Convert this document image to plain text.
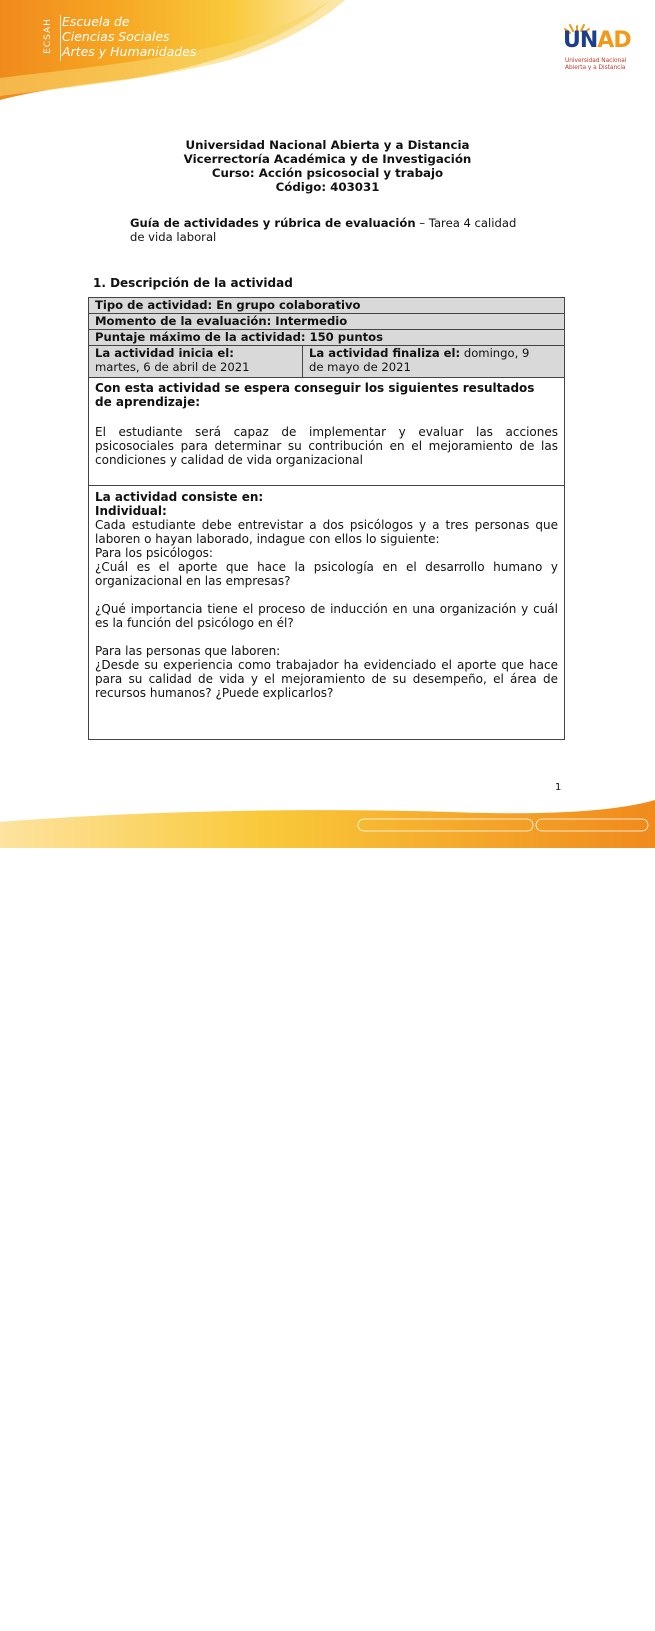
ECSAH Escuela de
Ciencias Sociales
Artes y Humanidades	UNAD
Universidad Nacional
Abierta y a Distancia
Universidad Nacional Abierta y a Distancia
Vicerrectoría Académica y de Investigación
Curso: Acción psicosocial y trabajo
Código: 403031
Guía de actividades y rúbrica de evaluación – Tarea 4 calidad
de vida laboral
1. Descripción de la actividad
Tipo de actividad: En grupo colaborativo
Momento de la evaluación: Intermedio
Puntaje máximo de la actividad: 150 puntos
La actividad inicia el:
martes, 6 de abril de 2021
La actividad finaliza el: domingo, 9
de mayo de 2021
Con esta actividad se espera conseguir los siguientes resultados
de aprendizaje:
El estudiante será capaz de implementar y evaluar las acciones psicosociales para determinar su contribución en el mejoramiento de las condiciones y calidad de vida organizacional
La actividad consiste en:
Individual:
Cada estudiante debe entrevistar a dos psicólogos y a tres personas que laboren o hayan laborado, indague con ellos lo siguiente:
Para los psicólogos:
¿Cuál es el aporte que hace la psicología en el desarrollo humano y organizacional en las empresas?
¿Qué importancia tiene el proceso de inducción en una organización y cuál es la función del psicólogo en él?
Para las personas que laboren:
¿Desde su experiencia como trabajador ha evidenciado el aporte que hace para su calidad de vida y el mejoramiento de su desempeño, el área de recursos humanos? ¿Puede explicarlos?
1
Prohibida su reproducción y venta sin autorización de la UNAD.
UNAD © 2020 derechos reservados.
